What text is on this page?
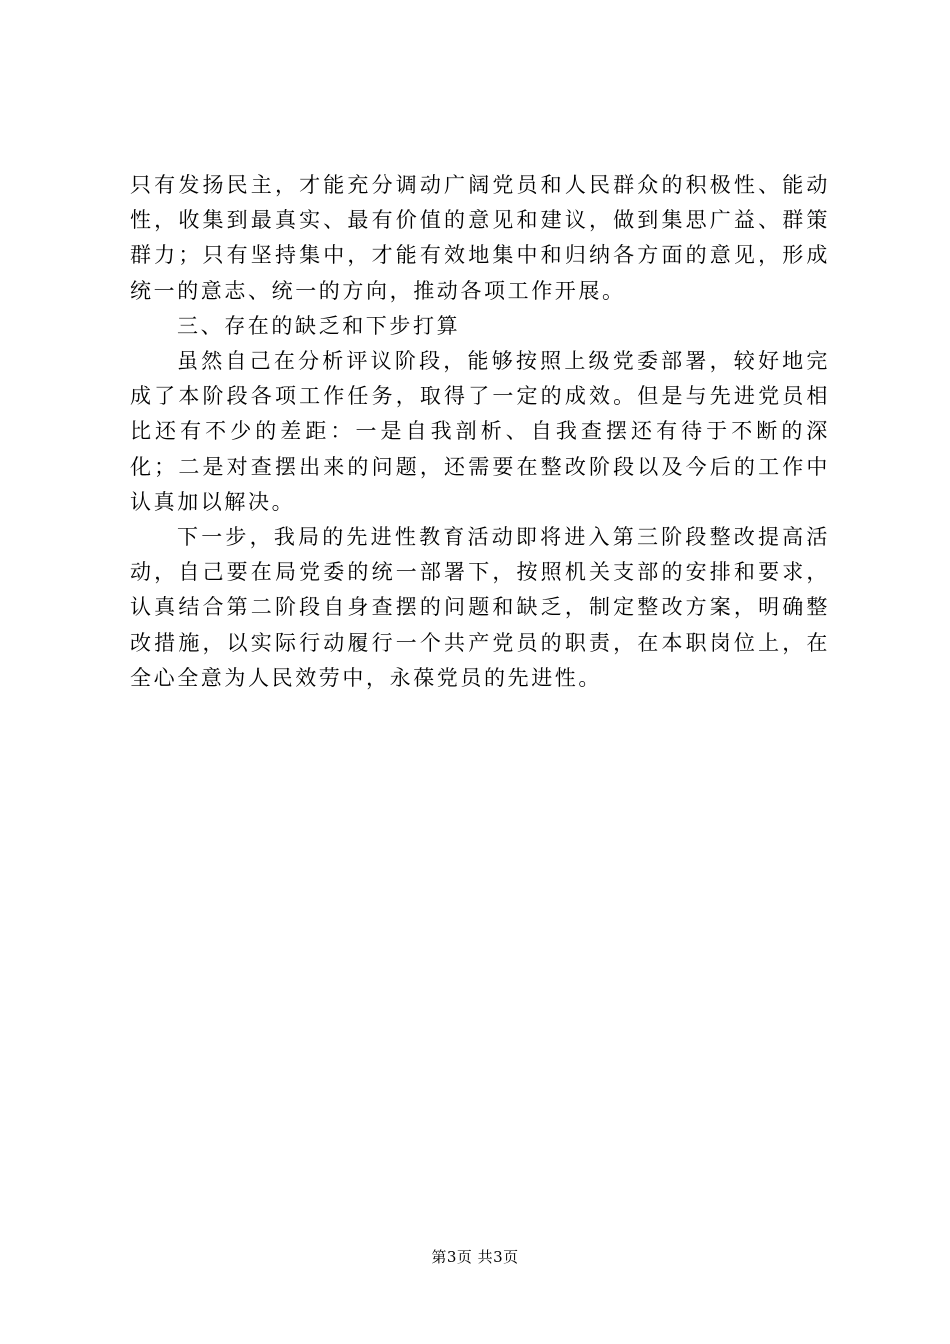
只有发扬民主，才能充分调动广阔党员和人民群众的积极性、能动性，收集到最真实、最有价值的意见和建议，做到集思广益、群策群力；只有坚持集中，才能有效地集中和归纳各方面的意见，形成统一的意志、统一的方向，推动各项工作开展。

三、存在的缺乏和下步打算

虽然自己在分析评议阶段，能够按照上级党委部署，较好地完成了本阶段各项工作任务，取得了一定的成效。但是与先进党员相比还有不少的差距：一是自我剖析、自我查摆还有待于不断的深化；二是对查摆出来的问题，还需要在整改阶段以及今后的工作中认真加以解决。

下一步，我局的先进性教育活动即将进入第三阶段整改提高活动，自己要在局党委的统一部署下，按照机关支部的安排和要求，认真结合第二阶段自身查摆的问题和缺乏，制定整改方案，明确整改措施，以实际行动履行一个共产党员的职责，在本职岗位上，在全心全意为人民效劳中，永葆党员的先进性。

第3页 共3页
